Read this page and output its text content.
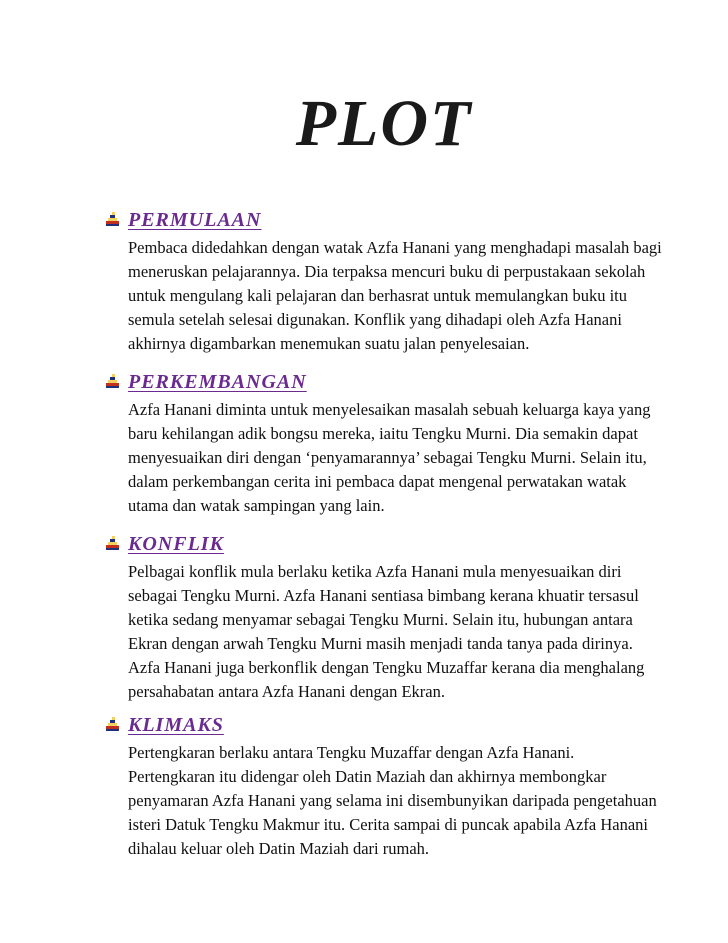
PLOT
PERMULAAN
Pembaca didedahkan dengan watak Azfa Hanani yang menghadapi masalah bagi meneruskan pelajarannya. Dia terpaksa mencuri buku di perpustakaan sekolah untuk mengulang kali pelajaran dan berhasrat untuk memulangkan buku itu semula setelah selesai digunakan. Konflik yang dihadapi oleh Azfa Hanani akhirnya digambarkan menemukan suatu jalan penyelesaian.
PERKEMBANGAN
Azfa Hanani diminta untuk menyelesaikan masalah sebuah keluarga kaya yang baru kehilangan adik bongsu mereka, iaitu Tengku Murni. Dia semakin dapat menyesuaikan diri dengan ‘penyamarannya’ sebagai Tengku Murni. Selain itu, dalam perkembangan cerita ini pembaca dapat mengenal perwatakan watak utama dan watak sampingan yang lain.
KONFLIK
Pelbagai konflik mula berlaku ketika Azfa Hanani mula menyesuaikan diri sebagai Tengku Murni. Azfa Hanani sentiasa bimbang kerana khuatir tersasul ketika sedang menyamar sebagai Tengku Murni. Selain itu, hubungan antara Ekran dengan arwah Tengku Murni masih menjadi tanda tanya pada dirinya. Azfa Hanani juga berkonflik dengan Tengku Muzaffar kerana dia menghalang persahabatan antara Azfa Hanani dengan Ekran.
KLIMAKS
Pertengkaran berlaku antara Tengku Muzaffar dengan Azfa Hanani. Pertengkaran itu didengar oleh Datin Maziah dan akhirnya membongkar penyamaran Azfa Hanani yang selama ini disembunyikan daripada pengetahuan isteri Datuk Tengku Makmur itu. Cerita sampai di puncak apabila Azfa Hanani dihalau keluar oleh Datin Maziah dari rumah.
